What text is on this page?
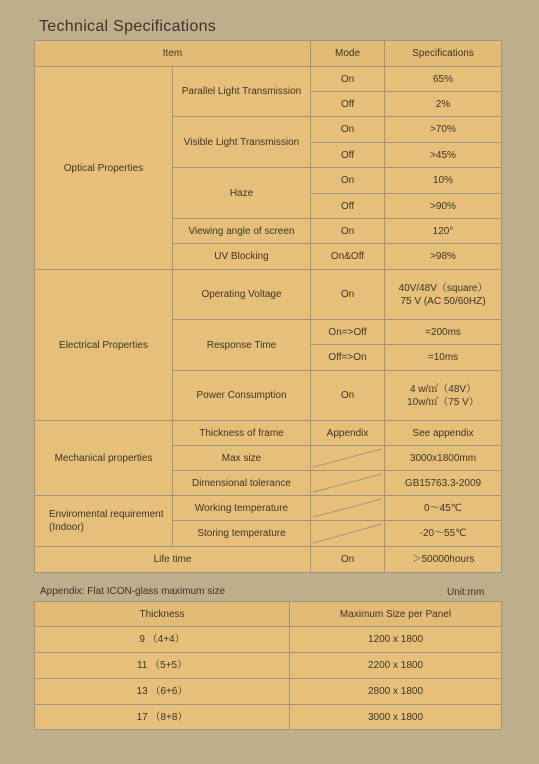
Technical Specifications
Item		Mode	Specifications
Optical Properties	Parallel Light Transmission	On	65%
		Off	2%
	Visible Light Transmission	On	>70%
		Off	>45%
	Haze	On	10%
		Off	>90%
	Viewing angle of screen	On	120°
	UV Blocking	On&Off	>98%
Electrical Properties	Operating Voltage	On	40V/48V（square）
75 V (AC 50/60HZ)

	Response Time	On=>Off	=200ms
		Off=>On	=10ms
	Power Consumption	On	4 w/㎡（48V）
10w/㎡（75 V）

Mechanical properties	Thickness of frame	Appendix	See appendix
	Max size		3000x1800mm
	Dimensional tolerance		GB15763.3-2009

Enviromental requirement
(Indoor)	Working temperature		0～45℃
	Storing temperature		-20～55℃
Life time		On	＞50000hours
Appendix: Flat ICON-glass maximum size	Unit:mm
Thickness	Maximum Size per Panel
9 （4+4）	1200 x 1800
11 （5+5）	2200 x 1800
13 （6+6）	2800 x 1800
17 （8+8）	3000 x 1800
